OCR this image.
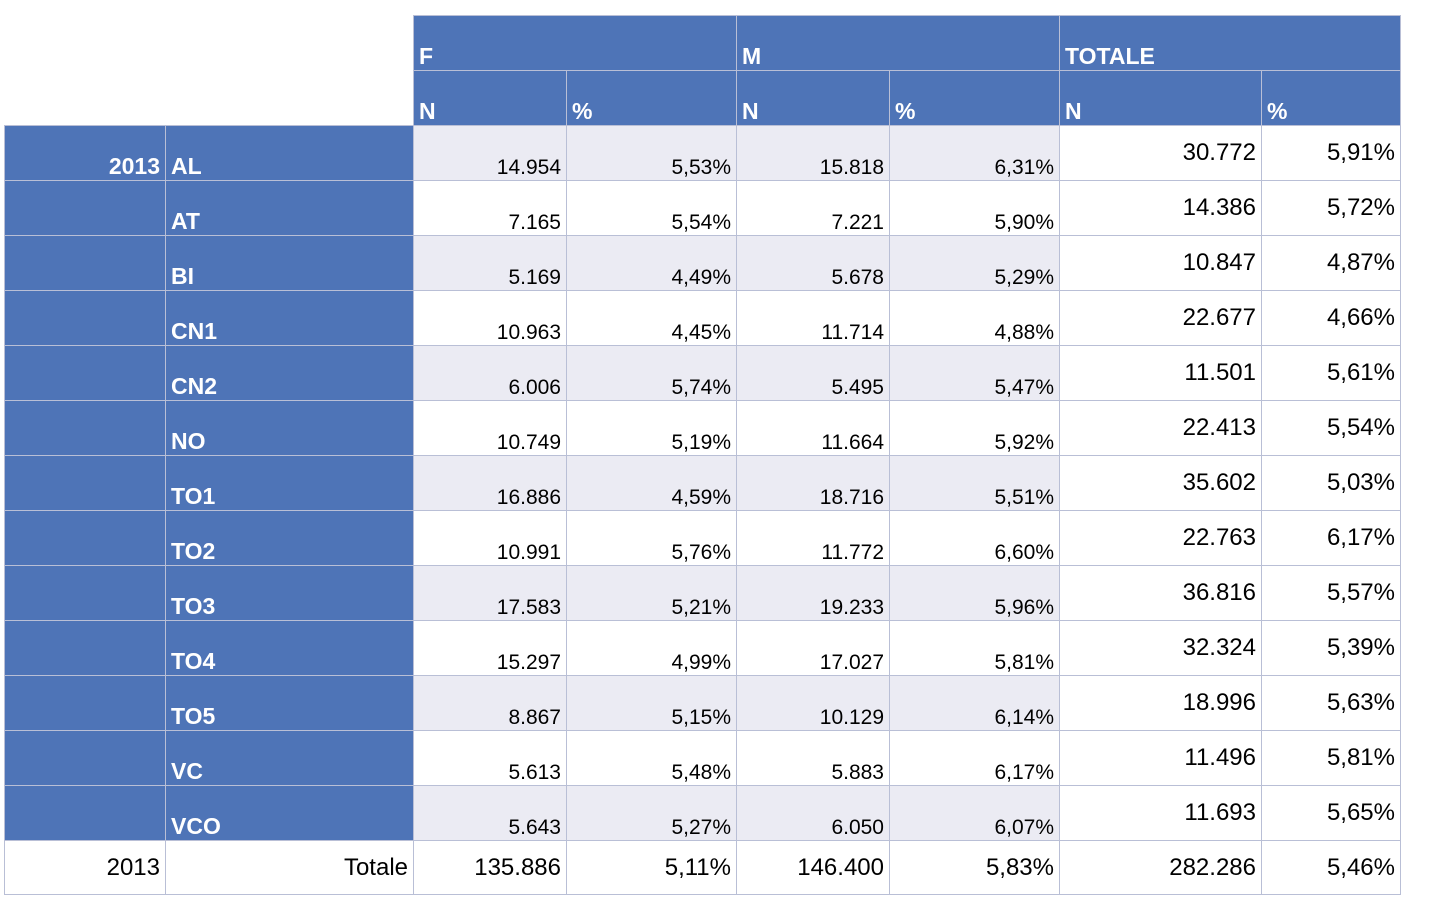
		F		M		TOTALE	
		N	%	N	%	N	%
2013	AL	14.954	5,53%	15.818	6,31%	30.772	5,91%
	AT	7.165	5,54%	7.221	5,90%	14.386	5,72%
	BI	5.169	4,49%	5.678	5,29%	10.847	4,87%
	CN1	10.963	4,45%	11.714	4,88%	22.677	4,66%
	CN2	6.006	5,74%	5.495	5,47%	11.501	5,61%
	NO	10.749	5,19%	11.664	5,92%	22.413	5,54%
	TO1	16.886	4,59%	18.716	5,51%	35.602	5,03%
	TO2	10.991	5,76%	11.772	6,60%	22.763	6,17%
	TO3	17.583	5,21%	19.233	5,96%	36.816	5,57%
	TO4	15.297	4,99%	17.027	5,81%	32.324	5,39%
	TO5	8.867	5,15%	10.129	6,14%	18.996	5,63%
	VC	5.613	5,48%	5.883	6,17%	11.496	5,81%
	VCO	5.643	5,27%	6.050	6,07%	11.693	5,65%
2013	Totale	135.886	5,11%	146.400	5,83%	282.286	5,46%
